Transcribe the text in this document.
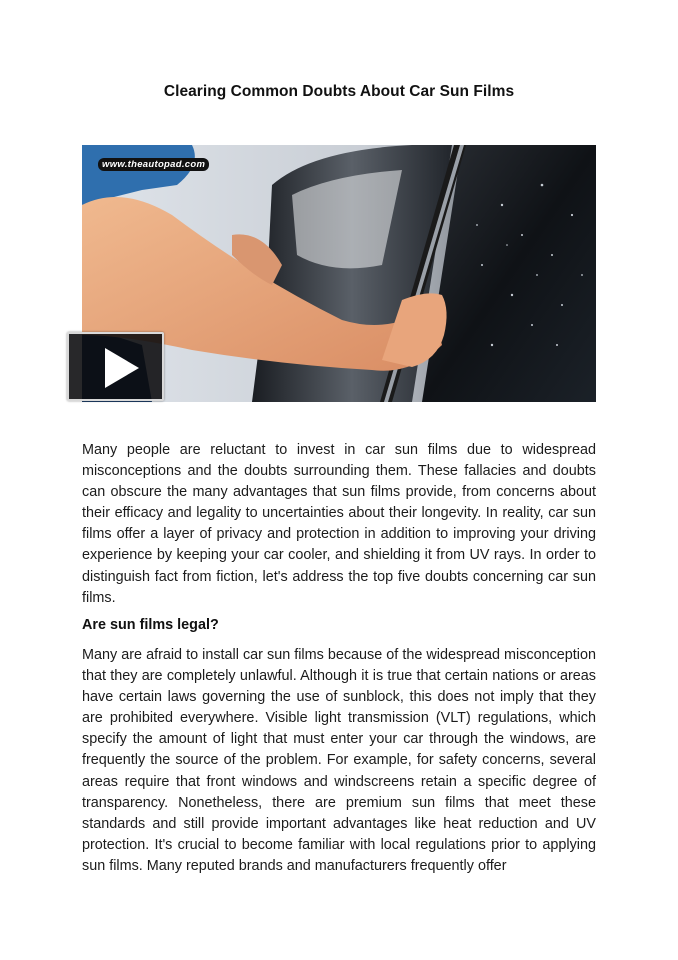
Clearing Common Doubts About Car Sun Films
www.theautopad.com

Many people are reluctant to invest in car sun films due to widespread misconceptions and the doubts surrounding them. These fallacies and doubts can obscure the many advantages that sun films provide, from concerns about their efficacy and legality to uncertainties about their longevity. In reality, car sun films offer a layer of privacy and protection in addition to improving your driving experience by keeping your car cooler, and shielding it from UV rays. In order to distinguish fact from fiction, let's address the top five doubts concerning car sun films.

Are sun films legal?

Many are afraid to install car sun films because of the widespread misconception that they are completely unlawful. Although it is true that certain nations or areas have certain laws governing the use of sunblock, this does not imply that they are prohibited everywhere. Visible light transmission (VLT) regulations, which specify the amount of light that must enter your car through the windows, are frequently the source of the problem. For example, for safety concerns, several areas require that front windows and windscreens retain a specific degree of transparency. Nonetheless, there are premium sun films that meet these standards and still provide important advantages like heat reduction and UV protection. It's crucial to become familiar with local regulations prior to applying sun films. Many reputed brands and manufacturers frequently offer
